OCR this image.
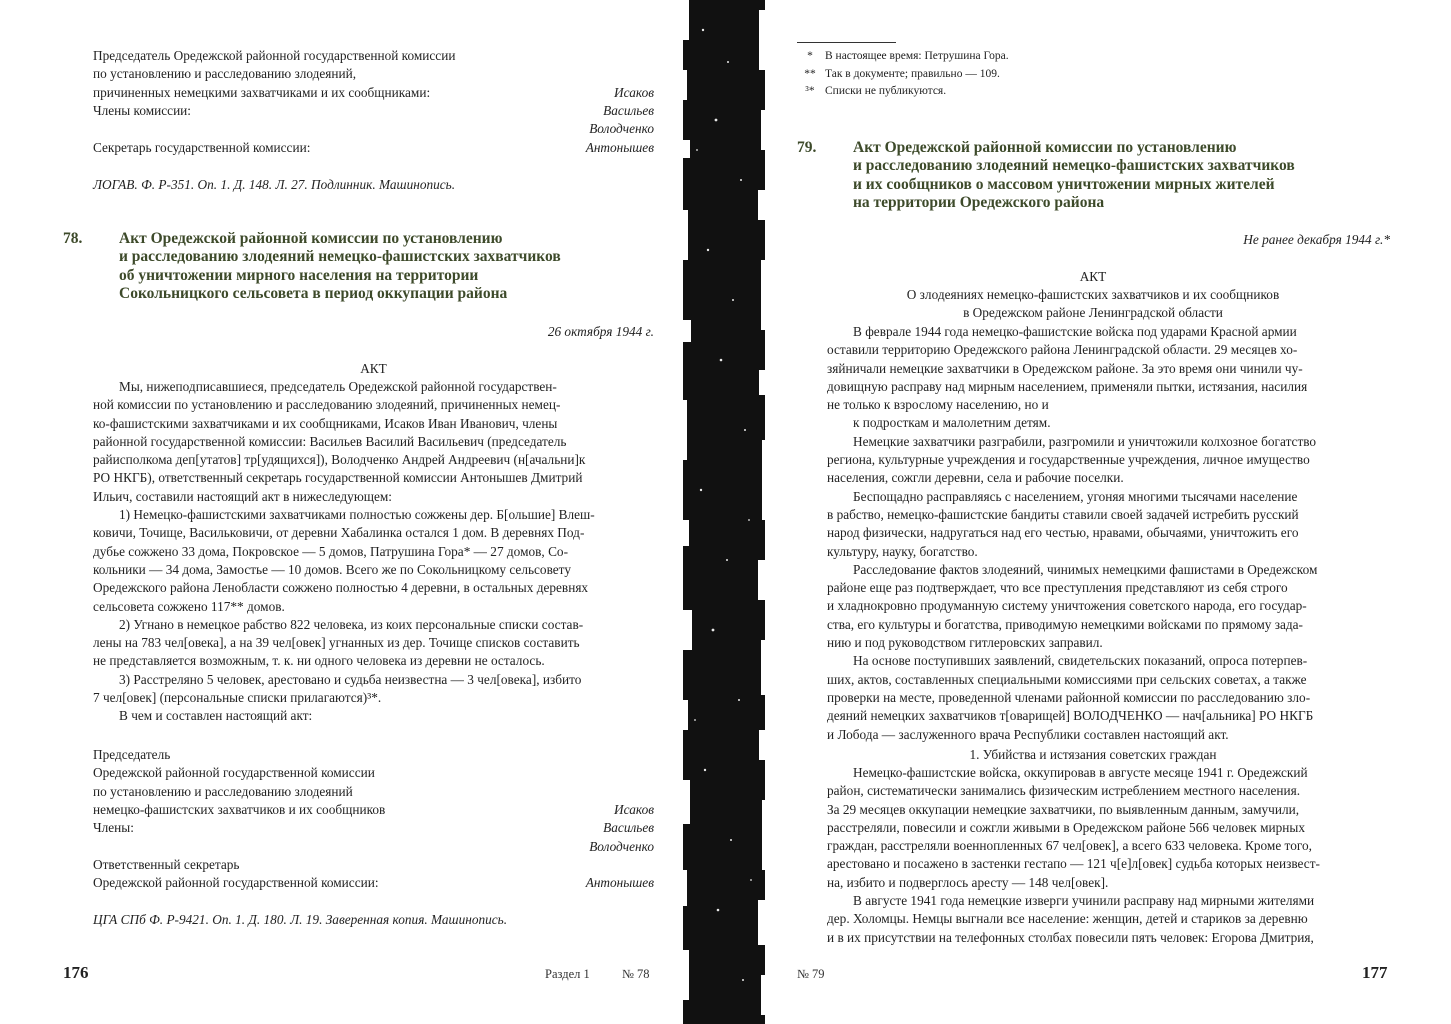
Председатель Оредежской районной государственной комиссии
по установлению и расследованию злодеяний,
причиненных немецкими захватчиками и их сообщниками:	Исаков
Члены комиссии:	Васильев
Володченко
Секретарь государственной комиссии:	Антонышев
ЛОГАВ. Ф. Р-351. Оп. 1. Д. 148. Л. 27. Подлинник. Машинопись.
78. Акт Оредежской районной комиссии по установлению
и расследованию злодеяний немецко-фашистских захватчиков
об уничтожении мирного населения на территории
Сокольницкого сельсовета в период оккупации района
26 октября 1944 г.
АКТ
Мы, нижеподписавшиеся, председатель Оредежской районной государствен-
ной комиссии по установлению и расследованию злодеяний, причиненных немец-
ко-фашистскими захватчиками и их сообщниками, Исаков Иван Иванович, члены
районной государственной комиссии: Васильев Василий Васильевич (председатель
райисполкома деп[утатов] тр[удящихся]), Володченко Андрей Андреевич (н[ачальни]к
РО НКГБ), ответственный секретарь государственной комиссии Антонышев Дмитрий
Ильич, составили настоящий акт в нижеследующем:
1) Немецко-фашистскими захватчиками полностью сожжены дер. Б[ольшие] Влеш-
ковичи, Точище, Васильковичи, от деревни Хабалинка остался 1 дом. В деревнях Под-
дубье сожжено 33 дома, Покровское — 5 домов, Патрушина Гора* — 27 домов, Со-
кольники — 34 дома, Замостье — 10 домов. Всего же по Сокольницкому сельсовету
Оредежского района Ленобласти сожжено полностью 4 деревни, в остальных деревнях
сельсовета сожжено 117** домов.
2) Угнано в немецкое рабство 822 человека, из коих персональные списки состав-
лены на 783 чел[овека], а на 39 чел[овек] угнанных из дер. Точище списков составить
не представляется возможным, т. к. ни одного человека из деревни не осталось.
3) Расстреляно 5 человек, арестовано и судьба неизвестна — 3 чел[овека], избито
7 чел[овек] (персональные списки прилагаются)³*.
В чем и составлен настоящий акт:
Председатель
Оредежской районной государственной комиссии
по установлению и расследованию злодеяний
немецко-фашистских захватчиков и их сообщников	Исаков
Члены:	Васильев
Володченко
Ответственный секретарь
Оредежской районной государственной комиссии:	Антонышев
ЦГА СПб Ф. Р-9421. Оп. 1. Д. 180. Л. 19. Заверенная копия. Машинопись.
176	Раздел 1	№ 78
* В настоящее время: Петрушина Гора.
** Так в документе; правильно — 109.
³* Списки не публикуются.
79. Акт Оредежской районной комиссии по установлению
и расследованию злодеяний немецко-фашистских захватчиков
и их сообщников о массовом уничтожении мирных жителей
на территории Оредежского района
Не ранее декабря 1944 г.*
АКТ
О злодеяниях немецко-фашистских захватчиков и их сообщников
в Оредежском районе Ленинградской области
В феврале 1944 года немецко-фашистские войска под ударами Красной армии
оставили территорию Оредежского района Ленинградской области. 29 месяцев хо-
зяйничали немецкие захватчики в Оредежском районе. За это время они чинили чу-
довищную расправу над мирным населением, применяли пытки, истязания, насилия
не только к взрослому населению, но и
к подросткам и малолетним детям.
Немецкие захватчики разграбили, разгромили и уничтожили колхозное богатство
региона, культурные учреждения и государственные учреждения, личное имущество
населения, сожгли деревни, села и рабочие поселки.
Беспощадно расправляясь с населением, угоняя многими тысячами население
в рабство, немецко-фашистские бандиты ставили своей задачей истребить русский
народ физически, надругаться над его честью, нравами, обычаями, уничтожить его
культуру, науку, богатство.
Расследование фактов злодеяний, чинимых немецкими фашистами в Оредежском
районе еще раз подтверждает, что все преступления представляют из себя строго
и хладнокровно продуманную систему уничтожения советского народа, его государ-
ства, его культуры и богатства, приводимую немецкими войсками по прямому зада-
нию и под руководством гитлеровских заправил.
На основе поступивших заявлений, свидетельских показаний, опроса потерпев-
ших, актов, составленных специальными комиссиями при сельских советах, а также
проверки на месте, проведенной членами районной комиссии по расследованию зло-
деяний немецких захватчиков т[оварищей] ВОЛОДЧЕНКО — нач[альника] РО НКГБ
и Лобода — заслуженного врача Республики составлен настоящий акт.
1. Убийства и истязания советских граждан
Немецко-фашистские войска, оккупировав в августе месяце 1941 г. Оредежский
район, систематически занимались физическим истреблением местного населения.
За 29 месяцев оккупации немецкие захватчики, по выявленным данным, замучили,
расстреляли, повесили и сожгли живыми в Оредежском районе 566 человек мирных
граждан, расстреляли военнопленных 67 чел[овек], а всего 633 человека. Кроме того,
арестовано и посажено в застенки гестапо — 121 ч[е]л[овек] судьба которых неизвест-
на, избито и подверглось аресту — 148 чел[овек].
В августе 1941 года немецкие изверги учинили расправу над мирными жителями
дер. Холомцы. Немцы выгнали все население: женщин, детей и стариков за деревню
и в их присутствии на телефонных столбах повесили пять человек: Егорова Дмитрия,
№ 79	177
